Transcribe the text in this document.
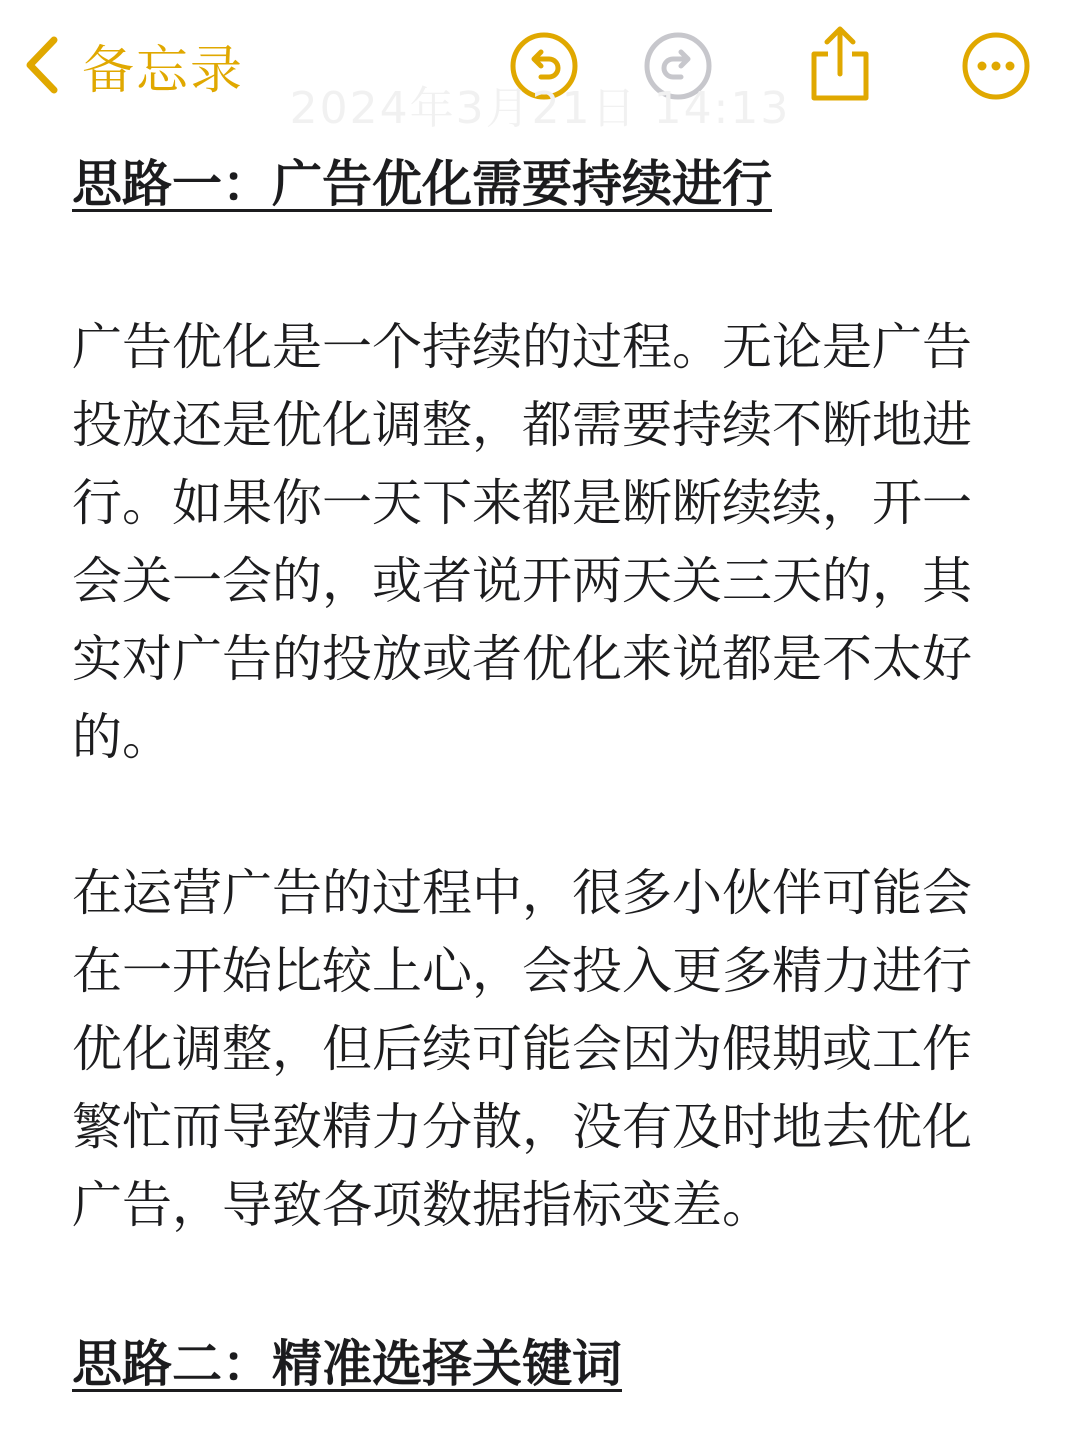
备忘录
2024年3月21日 14:13

思路一：广告优化需要持续进行

广告优化是一个持续的过程。无论是广告投放还是优化调整，都需要持续不断地进行。如果你一天下来都是断断续续，开一会关一会的，或者说开两天关三天的，其实对广告的投放或者优化来说都是不太好的。

在运营广告的过程中，很多小伙伴可能会在一开始比较上心，会投入更多精力进行优化调整，但后续可能会因为假期或工作繁忙而导致精力分散，没有及时地去优化广告，导致各项数据指标变差。

思路二：精准选择关键词
